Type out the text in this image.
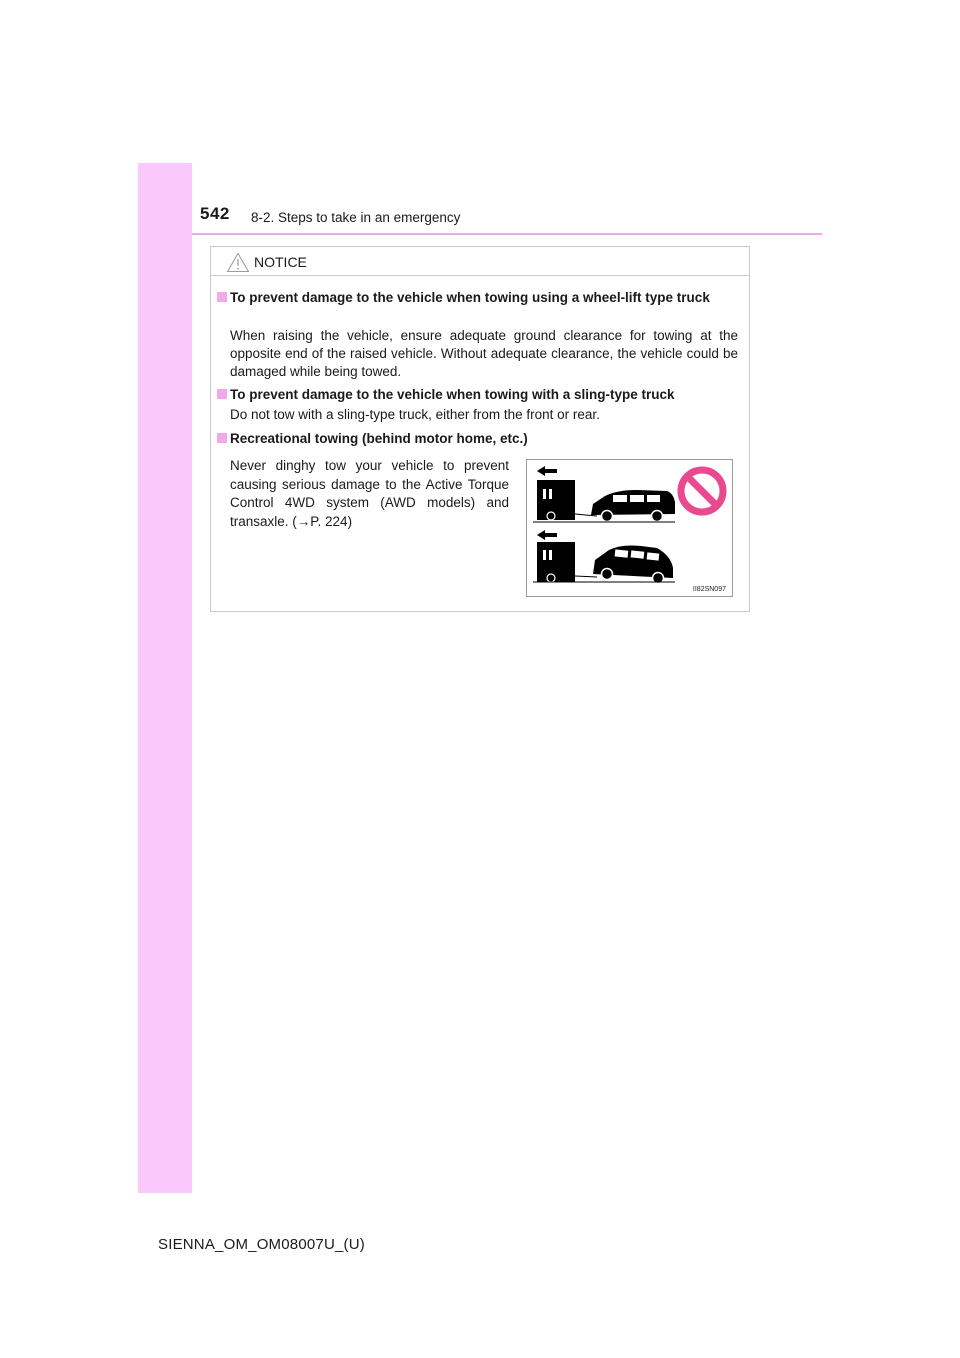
542 8-2. Steps to take in an emergency
NOTICE
To prevent damage to the vehicle when towing using a wheel-lift type truck
When raising the vehicle, ensure adequate ground clearance for towing at the opposite end of the raised vehicle. Without adequate clearance, the vehicle could be damaged while being towed.
To prevent damage to the vehicle when towing with a sling-type truck
Do not tow with a sling-type truck, either from the front or rear.
Recreational towing (behind motor home, etc.)
Never dinghy tow your vehicle to prevent causing serious damage to the Active Torque Control 4WD system (AWD models) and transaxle. (→P. 224)
II82SN097
SIENNA_OM_OM08007U_(U)
